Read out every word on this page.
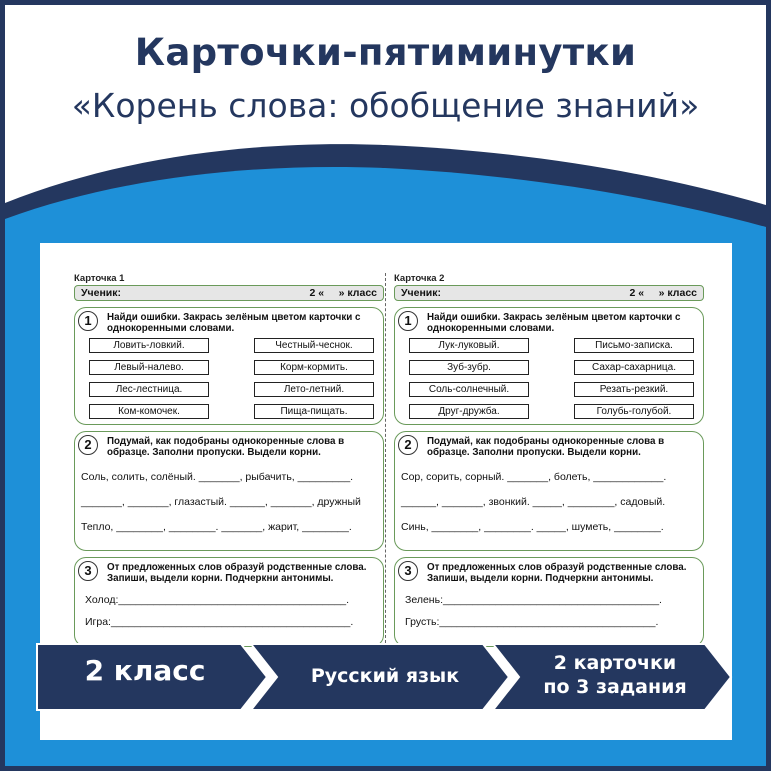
Карточки-пятиминутки
«Корень слова: обобщение знаний»
Карточка 1
Ученик:	2 «     » класс
1	Найди ошибки. Закрась зелёным цветом карточки с однокоренными словами.
Ловить-ловкий.	Честный-чеснок.
Левый-налево.	Корм-кормить.
Лес-лестница.	Лето-летний.
Ком-комочек.	Пища-пищать.
2	Подумай, как подобраны однокоренные слова в образце. Заполни пропуски. Выдели корни.
Соль, солить, солёный. _______, рыбачить, _________.
_______, _______, глазастый. ______, _______, дружный
Тепло, ________, ________. _______, жарит, ________.
3	От предложенных слов образуй родственные слова. Запиши, выдели корни. Подчеркни антонимы.
Холод:_______________________________________.
Игра:_________________________________________.
Карточка 2
Ученик:	2 «     » класс
1	Найди ошибки. Закрась зелёным цветом карточки с однокоренными словами.
Лук-луковый.	Письмо-записка.
Зуб-зубр.	Сахар-сахарница.
Соль-солнечный.	Резать-резкий.
Друг-дружба.	Голубь-голубой.
2	Подумай, как подобраны однокоренные слова в образце. Заполни пропуски. Выдели корни.
Сор, сорить, сорный. _______, болеть, ____________.
______, _______, звонкий. _____, ________, садовый.
Синь, ________, ________. _____, шуметь, ________.
3	От предложенных слов образуй родственные слова. Запиши, выдели корни. Подчеркни антонимы.
Зелень:_____________________________________.
Грусть:_____________________________________.
2 класс	Русский язык
2 карточки
по 3 задания
